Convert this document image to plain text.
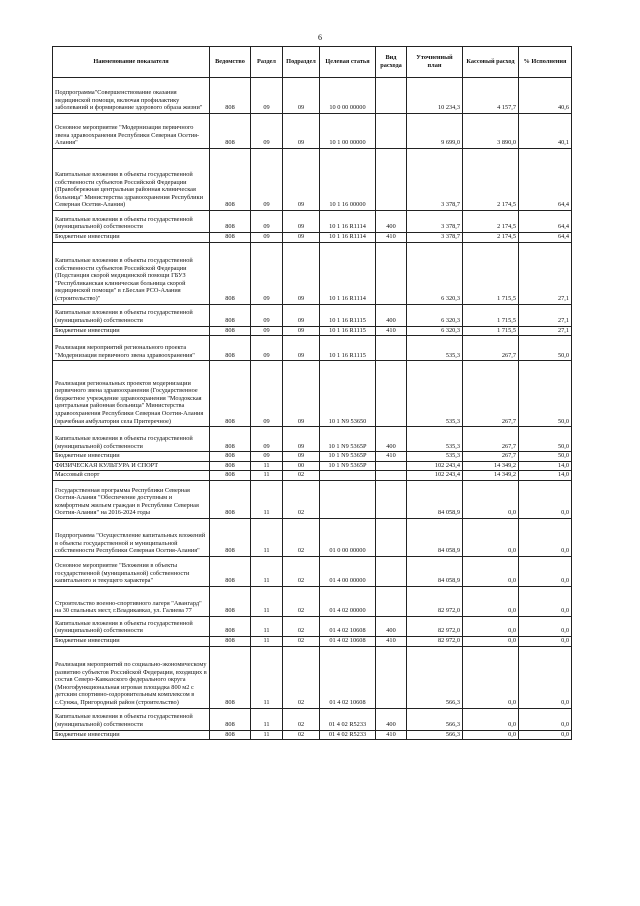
6
Наименование показателя	Ведомство	Раздел	Подраздел	Целевая статья	Вид расхода	Уточненный план	Кассовый расход	% Исполнения
Подпрограмма"Совершенствование оказания медицинской помощи, включая профилактику заболеваний и формирование здорового образа жизни"	808	09	09	10 0 00 00000		10 234,3	4 157,7	40,6
Основное мероприятие "Модернизация первичного звена здравоохранения Республики Северная Осетия-Алания"	808	09	09	10 1 00 00000		9 699,0	3 890,0	40,1
Капитальные вложения в объекты государственной собственности субъектов Российской Федерации (Правобережная центральная районная клиническая больница" Министерства здравоохранения Республики Северная Осетия-Алания)	808	09	09	10 1 16 00000		3 378,7	2 174,5	64,4
Капитальные вложения в объекты государственной (муниципальной) собственности	808	09	09	10 1 16 R1114	400	3 378,7	2 174,5	64,4
Бюджетные инвестиции	808	09	09	10 1 16 R1114	410	3 378,7	2 174,5	64,4
Капитальные вложения в объекты государственной собственности субъектов Российской Федерации (Подстанция скорой медицинской помощи ГБУЗ "Республиканская клиническая больница скорой медицинской помощи" в г.Беслан РСО-Алания (строительство)"	808	09	09	10 1 16 R1114		6 320,3	1 715,5	27,1
Капитальные вложения в объекты государственной (муниципальной) собственности	808	09	09	10 1 16 R1115	400	6 320,3	1 715,5	27,1
Бюджетные инвестиции	808	09	09	10 1 16 R1115	410	6 320,3	1 715,5	27,1
Реализация мероприятий регионального проекта "Модернизация первичного звена здравоохранения"	808	09	09	10 1 16 R1115		535,3	267,7	50,0
Реализация региональных проектов модернизации первичного звена здравоохранения (Государственное бюджетное учреждение здравоохранения "Моздокская центральная районная больница" Министерства здравоохранения Республики Северная Осетия-Алания (врачебная амбулатория села Притеречное)	808	09	09	10 1 N9 53650		535,3	267,7	50,0
Капитальные вложения в объекты государственной (муниципальной) собственности	808	09	09	10 1 N9 5365P	400	535,3	267,7	50,0
Бюджетные инвестиции	808	09	09	10 1 N9 5365P	410	535,3	267,7	50,0
ФИЗИЧЕСКАЯ КУЛЬТУРА И СПОРТ	808	11	00	10 1 N9 5365P		102 243,4	14 349,2	14,0
Массовый спорт	808	11	02			102 243,4	14 349,2	14,0
Государственная программа Республики Северная Осетия-Алания "Обеспечение доступным и комфортным жильем граждан в Республике Северная Осетия-Алания" на 2016-2024 годы	808	11	02			84 058,9	0,0	0,0
Подпрограмма "Осуществление капитальных вложений в объекты государственной и муниципальной собственности Республики Северная Осетия-Алания"	808	11	02	01 0 00 00000		84 058,9	0,0	0,0
Основное мероприятие "Вложения в объекты государственной (муниципальной) собственности капитального и текущего характера"	808	11	02	01 4 00 00000		84 058,9	0,0	0,0
Строительство военно-спортивного лагеря "Авангард" на 30 спальных мест, г.Владикавказ, ул. Галиева 77	808	11	02	01 4 02 00000		82 972,0	0,0	0,0
Капитальные вложения в объекты государственной (муниципальной) собственности	808	11	02	01 4 02 10608	400	82 972,0	0,0	0,0
Бюджетные инвестиции	808	11	02	01 4 02 10608	410	82 972,0	0,0	0,0
Реализация мероприятий по социально-экономическому развитию субъектов Российской Федерации, входящих в состав Северо-Кавказского федерального округа (Многофункциональная игровая площадка 800 м2 с детским спортивно-оздоровительным комплексом в с.Сунжа, Пригородный район (строительство)	808	11	02	01 4 02 10608		566,3	0,0	0,0
Капитальные вложения в объекты государственной (муниципальной) собственности	808	11	02	01 4 02 R5233	400	566,3	0,0	0,0
Бюджетные инвестиции	808	11	02	01 4 02 R5233	410	566,3	0,0	0,0
